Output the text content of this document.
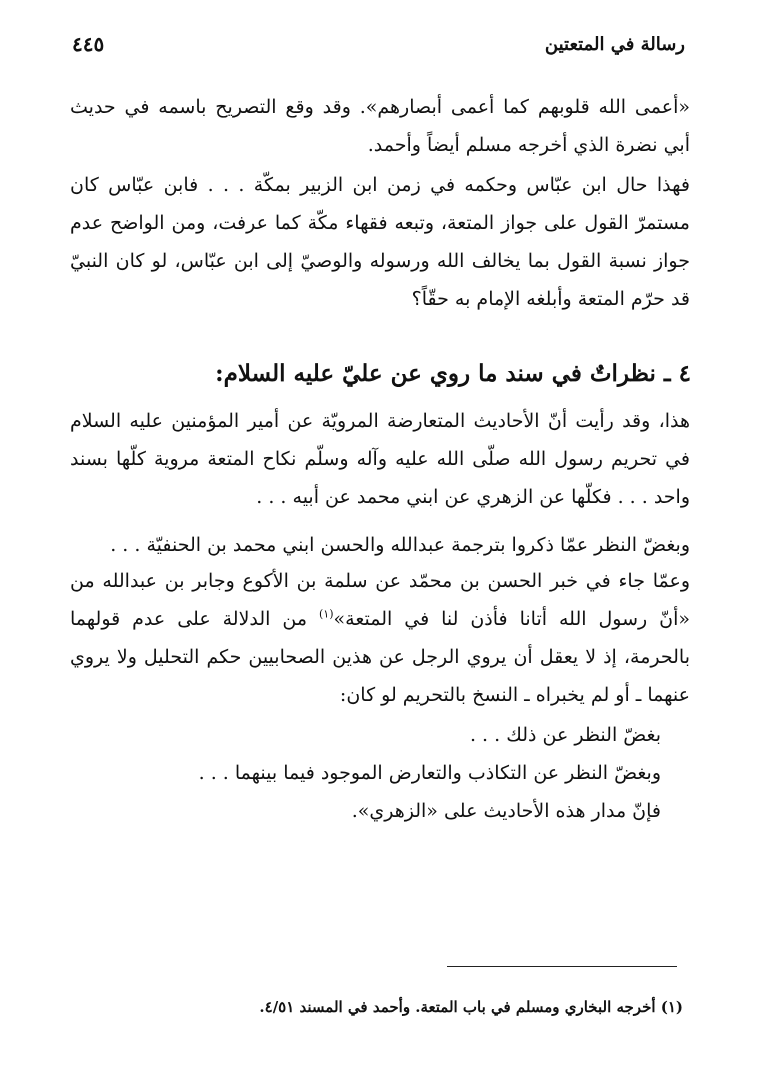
رسالة في المتعتين
٤٤٥

«أعمى الله قلوبهم كما أعمى أبصارهم». وقد وقع التصريح باسمه في حديث أبي نضرة الذي أخرجه مسلم أيضاً وأحمد.

فهذا حال ابن عبّاس وحكمه في زمن ابن الزبير بمكّة . . . فابن عبّاس كان مستمرّ القول على جواز المتعة، وتبعه فقهاء مكّة كما عرفت، ومن الواضح عدم جواز نسبة القول بما يخالف الله ورسوله والوصيّ إلى ابن عبّاس، لو كان النبيّ قد حرّم المتعة وأبلغه الإمام به حقّاً؟

٤ ـ نظراتٌ في سند ما روي عن عليّ عليه السلام:

هذا، وقد رأيت أنّ الأحاديث المتعارضة المرويّة عن أمير المؤمنين عليه السلام في تحريم رسول الله صلّى الله عليه وآله وسلّم نكاح المتعة مروية كلّها بسند واحد . . . فكلّها عن الزهري عن ابني محمد عن أبيه . . .

وبغضّ النظر عمّا ذكروا بترجمة عبدالله والحسن ابني محمد بن الحنفيّة . . .

وعمّا جاء في خبر الحسن بن محمّد عن سلمة بن الأكوع وجابر بن عبدالله من «أنّ رسول الله أتانا فأذن لنا في المتعة»$^{(١)}$ من الدلالة على عدم قولهما بالحرمة، إذ لا يعقل أن يروي الرجل عن هذين الصحابيين حكم التحليل ولا يروي عنهما ـ أو لم يخبراه ـ النسخ بالتحريم لو كان:

بغضّ النظر عن ذلك . . .

وبغضّ النظر عن التكاذب والتعارض الموجود فيما بينهما . . .

فإنّ مدار هذه الأحاديث على «الزهري».

(١) أخرجه البخاري ومسلم في باب المتعة. وأحمد في المسند ٤/٥١.
